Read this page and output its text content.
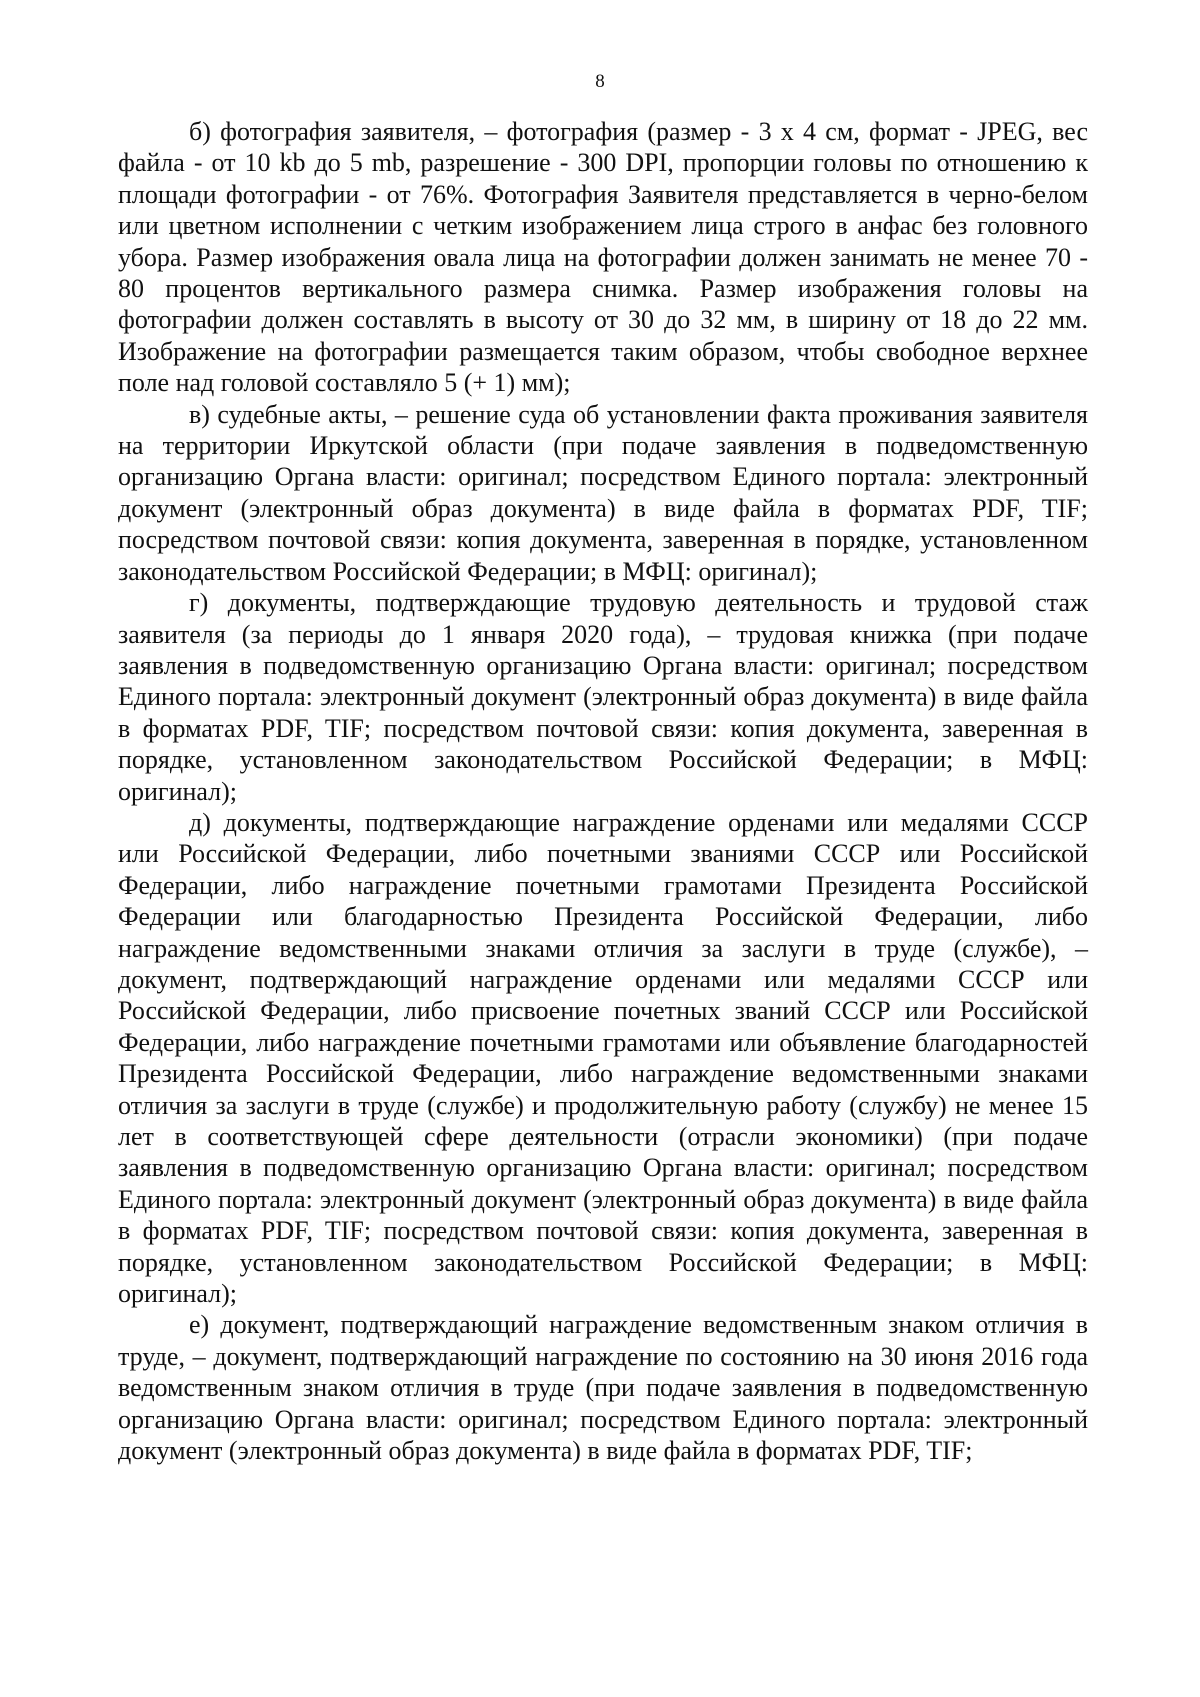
8

б) фотография заявителя, – фотография (размер - 3 х 4 см, формат - JPEG, вес файла - от 10 kb до 5 mb, разрешение - 300 DPI, пропорции головы по отношению к площади фотографии - от 76%. Фотография Заявителя представляется в черно-белом или цветном исполнении с четким изображением лица строго в анфас без головного убора. Размер изображения овала лица на фотографии должен занимать не менее 70 - 80 процентов вертикального размера снимка. Размер изображения головы на фотографии должен составлять в высоту от 30 до 32 мм, в ширину от 18 до 22 мм. Изображение на фотографии размещается таким образом, чтобы свободное верхнее поле над головой составляло 5 (+ 1) мм);

в) судебные акты, – решение суда об установлении факта проживания заявителя на территории Иркутской области (при подаче заявления в подведомственную организацию Органа власти: оригинал; посредством Единого портала: электронный документ (электронный образ документа) в виде файла в форматах PDF, TIF; посредством почтовой связи: копия документа, заверенная в порядке, установленном законодательством Российской Федерации; в МФЦ: оригинал);

г) документы, подтверждающие трудовую деятельность и трудовой стаж заявителя (за периоды до 1 января 2020 года), – трудовая книжка (при подаче заявления в подведомственную организацию Органа власти: оригинал; посредством Единого портала: электронный документ (электронный образ документа) в виде файла в форматах PDF, TIF; посредством почтовой связи: копия документа, заверенная в порядке, установленном законодательством Российской Федерации; в МФЦ: оригинал);

д) документы, подтверждающие награждение орденами или медалями СССР или Российской Федерации, либо почетными званиями СССР или Российской Федерации, либо награждение почетными грамотами Президента Российской Федерации или благодарностью Президента Российской Федерации, либо награждение ведомственными знаками отличия за заслуги в труде (службе), – документ, подтверждающий награждение орденами или медалями СССР или Российской Федерации, либо присвоение почетных званий СССР или Российской Федерации, либо награждение почетными грамотами или объявление благодарностей Президента Российской Федерации, либо награждение ведомственными знаками отличия за заслуги в труде (службе) и продолжительную работу (службу) не менее 15 лет в соответствующей сфере деятельности (отрасли экономики) (при подаче заявления в подведомственную организацию Органа власти: оригинал; посредством Единого портала: электронный документ (электронный образ документа) в виде файла в форматах PDF, TIF; посредством почтовой связи: копия документа, заверенная в порядке, установленном законодательством Российской Федерации; в МФЦ: оригинал);

е) документ, подтверждающий награждение ведомственным знаком отличия в труде, – документ, подтверждающий награждение по состоянию на 30 июня 2016 года ведомственным знаком отличия в труде (при подаче заявления в подведомственную организацию Органа власти: оригинал; посредством Единого портала: электронный документ (электронный образ документа) в виде файла в форматах PDF, TIF;
